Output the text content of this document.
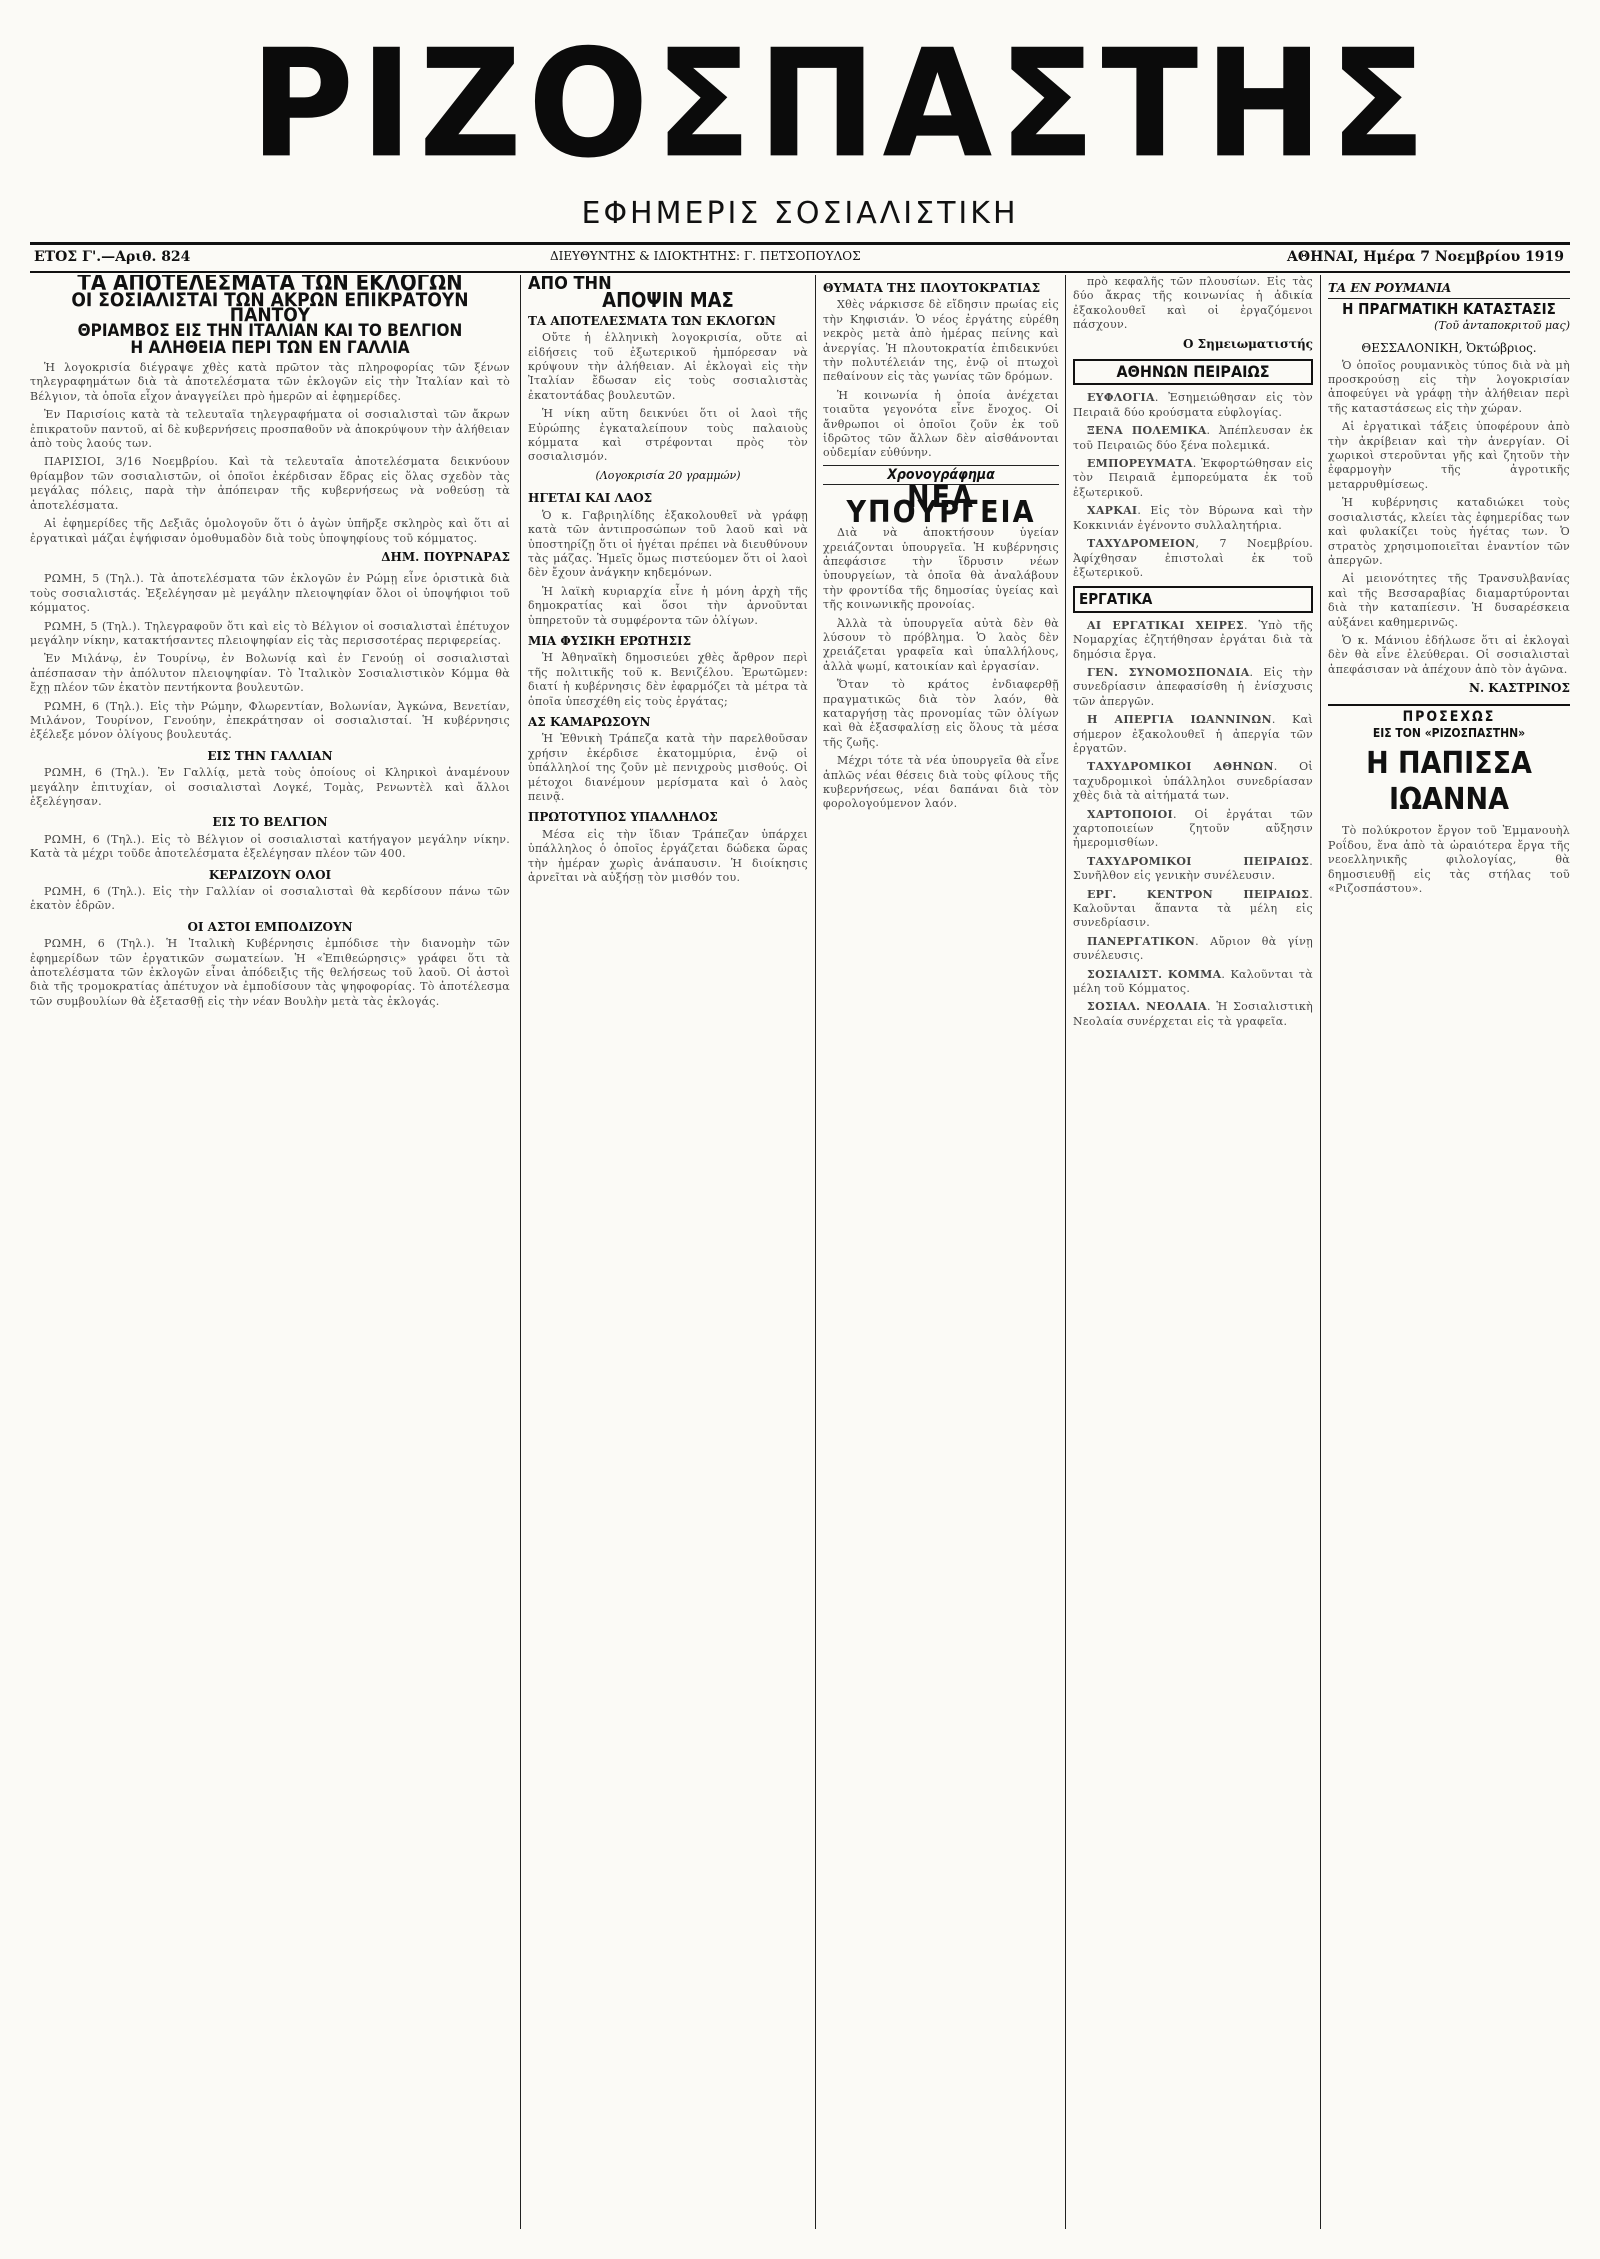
ΡΙΖΟΣΠΑΣΤΗΣ
ΕΦΗΜΕΡΙΣ ΣΟΣΙΑΛΙΣΤΙΚΗ
ΕΤΟΣ Γ'.—Αριθ. 824	ΔΙΕΥΘΥΝΤΗΣ & ΙΔΙΟΚΤΗΤΗΣ: Γ. ΠΕΤΣΟΠΟΥΛΟΣ	ΑΘΗΝΑΙ, Ημέρα 7 Νοεμβρίου 1919
ΤΑ ΑΠΟΤΕΛΕΣΜΑΤΑ ΤΩΝ ΕΚΛΟΓΩΝ
ΟΙ ΣΟΣΙΑΛΙΣΤΑΙ ΤΩΝ ΑΚΡΩΝ ΕΠΙΚΡΑΤΟΥΝ ΠΑΝΤΟΥ
ΘΡΙΑΜΒΟΣ ΕΙΣ ΤΗΝ ΙΤΑΛΙΑΝ ΚΑΙ ΤΟ ΒΕΛΓΙΟΝ
Η ΑΛΗΘΕΙΑ ΠΕΡΙ ΤΩΝ ΕΝ ΓΑΛΛΙΑ

Ἡ λογοκρισία διέγραψε χθὲς κατὰ πρῶτον τὰς πληροφορίας τῶν ξένων τηλεγραφημάτων διὰ τὰ ἀποτελέσματα τῶν ἐκλογῶν εἰς τὴν Ἰταλίαν καὶ τὸ Βέλγιον, τὰ ὁποῖα εἶχον ἀναγγείλει πρὸ ἡμερῶν αἱ ἐφημερίδες.

Ἐν Παρισίοις κατὰ τὰ τελευταῖα τηλεγραφήματα οἱ σοσιαλισταὶ τῶν ἄκρων ἐπικρατοῦν παντοῦ, αἱ δὲ κυβερνήσεις προσπαθοῦν νὰ ἀποκρύψουν τὴν ἀλήθειαν ἀπὸ τοὺς λαούς των.

ΠΑΡΙΣΙΟΙ, 3/16 Νοεμβρίου. Καὶ τὰ τελευταῖα ἀποτελέσματα δεικνύουν θρίαμβον τῶν σοσιαλιστῶν, οἱ ὁποῖοι ἐκέρδισαν ἕδρας εἰς ὅλας σχεδὸν τὰς μεγάλας πόλεις, παρὰ τὴν ἀπόπειραν τῆς κυβερνήσεως νὰ νοθεύσῃ τὰ ἀποτελέσματα.

Αἱ ἐφημερίδες τῆς Δεξιᾶς ὁμολογοῦν ὅτι ὁ ἀγὼν ὑπῆρξε σκληρὸς καὶ ὅτι αἱ ἐργατικαὶ μάζαι ἐψήφισαν ὁμοθυμαδὸν διὰ τοὺς ὑποψηφίους τοῦ κόμματος.

ΔΗΜ. ΠΟΥΡΝΑΡΑΣ

ΡΩΜΗ, 5 (Τηλ.). Τὰ ἀποτελέσματα τῶν ἐκλογῶν ἐν Ρώμῃ εἶνε ὁριστικὰ διὰ τοὺς σοσιαλιστάς. Ἐξελέγησαν μὲ μεγάλην πλειοψηφίαν ὅλοι οἱ ὑποψήφιοι τοῦ κόμματος.

ΡΩΜΗ, 5 (Τηλ.). Τηλεγραφοῦν ὅτι καὶ εἰς τὸ Βέλγιον οἱ σοσιαλισταὶ ἐπέτυχον μεγάλην νίκην, κατακτήσαντες πλειοψηφίαν εἰς τὰς περισσοτέρας περιφερείας.

Ἐν Μιλάνῳ, ἐν Τουρίνῳ, ἐν Βολωνίᾳ καὶ ἐν Γενούῃ οἱ σοσιαλισταὶ ἀπέσπασαν τὴν ἀπόλυτον πλειοψηφίαν. Τὸ Ἰταλικὸν Σοσιαλιστικὸν Κόμμα θὰ ἔχῃ πλέον τῶν ἑκατὸν πεντήκοντα βουλευτῶν.

ΡΩΜΗ, 6 (Τηλ.). Εἰς τὴν Ρώμην, Φλωρεντίαν, Βολωνίαν, Ἀγκώνα, Βενετίαν, Μιλάνον, Τουρίνον, Γενούην, ἐπεκράτησαν οἱ σοσιαλισταί. Ἡ κυβέρνησις ἐξέλεξε μόνον ὀλίγους βουλευτάς.

ΕΙΣ ΤΗΝ ΓΑΛΛΙΑΝ

ΡΩΜΗ, 6 (Τηλ.). Ἐν Γαλλίᾳ, μετὰ τοὺς ὁποίους οἱ Κληρικοὶ ἀναμένουν μεγάλην ἐπιτυχίαν, οἱ σοσιαλισταὶ Λογκέ, Τομὰς, Ρενωντὲλ καὶ ἄλλοι ἐξελέγησαν.

ΕΙΣ ΤΟ ΒΕΛΓΙΟΝ

ΡΩΜΗ, 6 (Τηλ.). Εἰς τὸ Βέλγιον οἱ σοσιαλισταὶ κατήγαγον μεγάλην νίκην. Κατὰ τὰ μέχρι τοῦδε ἀποτελέσματα ἐξελέγησαν πλέον τῶν 400.

ΚΕΡΔΙΖΟΥΝ ΟΛΟΙ

ΡΩΜΗ, 6 (Τηλ.). Εἰς τὴν Γαλλίαν οἱ σοσιαλισταὶ θὰ κερδίσουν πάνω τῶν ἑκατὸν ἑδρῶν.

ΟΙ ΑΣΤΟΙ ΕΜΠΟΔΙΖΟΥΝ

ΡΩΜΗ, 6 (Τηλ.). Ἡ Ἰταλικὴ Κυβέρνησις ἐμπόδισε τὴν διανομὴν τῶν ἐφημερίδων τῶν ἐργατικῶν σωματείων. Ἡ «Ἐπιθεώρησις» γράφει ὅτι τὰ ἀποτελέσματα τῶν ἐκλογῶν εἶναι ἀπόδειξις τῆς θελήσεως τοῦ λαοῦ. Οἱ ἀστοὶ διὰ τῆς τρομοκρατίας ἀπέτυχον νὰ ἐμποδίσουν τὰς ψηφοφορίας. Τὸ ἀποτέλεσμα τῶν συμβουλίων θὰ ἐξετασθῇ εἰς τὴν νέαν Βουλὴν μετὰ τὰς ἐκλογάς.

ΑΠΟ ΤΗΝ
ΑΠΟΨΙΝ ΜΑΣ
ΤΑ ΑΠΟΤΕΛΕΣΜΑΤΑ ΤΩΝ ΕΚΛΟΓΩΝ

Οὔτε ἡ ἑλληνικὴ λογοκρισία, οὔτε αἱ εἰδήσεις τοῦ ἐξωτερικοῦ ἠμπόρεσαν νὰ κρύψουν τὴν ἀλήθειαν. Αἱ ἐκλογαὶ εἰς τὴν Ἰταλίαν ἔδωσαν εἰς τοὺς σοσιαλιστὰς ἐκατοντάδας βουλευτῶν.

Ἡ νίκη αὕτη δεικνύει ὅτι οἱ λαοὶ τῆς Εὐρώπης ἐγκαταλείπουν τοὺς παλαιοὺς κόμματα καὶ στρέφονται πρὸς τὸν σοσιαλισμόν.

(Λογοκρισία 20 γραμμών)
ΗΓΕΤΑΙ ΚΑΙ ΛΑΟΣ

Ὁ κ. Γαβριηλίδης ἐξακολουθεῖ νὰ γράφῃ κατὰ τῶν ἀντιπροσώπων τοῦ λαοῦ καὶ νὰ ὑποστηρίζῃ ὅτι οἱ ἡγέται πρέπει νὰ διευθύνουν τὰς μάζας. Ἡμεῖς ὅμως πιστεύομεν ὅτι οἱ λαοὶ δὲν ἔχουν ἀνάγκην κηδεμόνων.

Ἡ λαϊκὴ κυριαρχία εἶνε ἡ μόνη ἀρχὴ τῆς δημοκρατίας καὶ ὅσοι τὴν ἀρνοῦνται ὑπηρετοῦν τὰ συμφέροντα τῶν ὀλίγων.

ΜΙΑ ΦΥΣΙΚΗ ΕΡΩΤΗΣΙΣ

Ἡ Ἀθηναϊκὴ δημοσιεύει χθὲς ἄρθρον περὶ τῆς πολιτικῆς τοῦ κ. Βενιζέλου. Ἐρωτῶμεν: διατί ἡ κυβέρνησις δὲν ἐφαρμόζει τὰ μέτρα τὰ ὁποῖα ὑπεσχέθη εἰς τοὺς ἐργάτας;

ΑΣ ΚΑΜΑΡΩΣΟΥΝ

Ἡ Ἐθνικὴ Τράπεζα κατὰ τὴν παρελθοῦσαν χρήσιν ἐκέρδισε ἑκατομμύρια, ἐνῷ οἱ ὑπάλληλοί της ζοῦν μὲ πενιχροὺς μισθούς. Οἱ μέτοχοι διανέμουν μερίσματα καὶ ὁ λαὸς πεινᾷ.

ΠΡΩΤΟΤΥΠΟΣ ΥΠΑΛΛΗΛΟΣ

Μέσα εἰς τὴν ἴδιαν Τράπεζαν ὑπάρχει ὑπάλληλος ὁ ὁποῖος ἐργάζεται δώδεκα ὥρας τὴν ἡμέραν χωρὶς ἀνάπαυσιν. Ἡ διοίκησις ἀρνεῖται νὰ αὐξήσῃ τὸν μισθόν του.

ΘΥΜΑΤΑ ΤΗΣ ΠΛΟΥΤΟΚΡΑΤΙΑΣ

Χθὲς νάρκισσε δὲ εἴδησιν πρωίας εἰς τὴν Κηφισιάν. Ὁ νέος ἐργάτης εὑρέθη νεκρὸς μετὰ ἀπὸ ἡμέρας πείνης καὶ ἀνεργίας. Ἡ πλουτοκρατία ἐπιδεικνύει τὴν πολυτέλειάν της, ἐνῷ οἱ πτωχοὶ πεθαίνουν εἰς τὰς γωνίας τῶν δρόμων.

Ἡ κοινωνία ἡ ὁποία ἀνέχεται τοιαῦτα γεγονότα εἶνε ἔνοχος. Οἱ ἄνθρωποι οἱ ὁποῖοι ζοῦν ἐκ τοῦ ἱδρῶτος τῶν ἄλλων δὲν αἰσθάνονται οὐδεμίαν εὐθύνην.

Χρονογράφημα
ΝΕΑ ΥΠΟΥΡΓΕΙΑ

Διὰ νὰ ἀποκτήσουν ὑγείαν χρειάζονται ὑπουργεῖα. Ἡ κυβέρνησις ἀπεφάσισε τὴν ἵδρυσιν νέων ὑπουργείων, τὰ ὁποῖα θὰ ἀναλάβουν τὴν φροντίδα τῆς δημοσίας ὑγείας καὶ τῆς κοινωνικῆς προνοίας.

Ἀλλὰ τὰ ὑπουργεῖα αὐτὰ δὲν θὰ λύσουν τὸ πρόβλημα. Ὁ λαὸς δὲν χρειάζεται γραφεῖα καὶ ὑπαλλήλους, ἀλλὰ ψωμί, κατοικίαν καὶ ἐργασίαν.

Ὅταν τὸ κράτος ἐνδιαφερθῇ πραγματικῶς διὰ τὸν λαόν, θὰ καταργήσῃ τὰς προνομίας τῶν ὀλίγων καὶ θὰ ἐξασφαλίσῃ εἰς ὅλους τὰ μέσα τῆς ζωῆς.

Μέχρι τότε τὰ νέα ὑπουργεῖα θὰ εἶνε ἁπλῶς νέαι θέσεις διὰ τοὺς φίλους τῆς κυβερνήσεως, νέαι δαπάναι διὰ τὸν φορολογούμενον λαόν.

πρὸ κεφαλῆς τῶν πλουσίων. Εἰς τὰς δύο ἄκρας τῆς κοινωνίας ἡ ἀδικία ἐξακολουθεῖ καὶ οἱ ἐργαζόμενοι πάσχουν.

Ο Σημειωματιστής
ΑΘΗΝΩΝ ΠΕΙΡΑΙΩΣ

ΕΥΦΛΟΓΙΑ. Ἐσημειώθησαν εἰς τὸν Πειραιᾶ δύο κρούσματα εὐφλογίας.

ΞΕΝΑ ΠΟΛΕΜΙΚΑ. Ἀπέπλευσαν ἐκ τοῦ Πειραιῶς δύο ξένα πολεμικά.

ΕΜΠΟΡΕΥΜΑΤΑ. Ἐκφορτώθησαν εἰς τὸν Πειραιᾶ ἐμπορεύματα ἐκ τοῦ ἐξωτερικοῦ.

ΧΑΡΚΑΙ. Εἰς τὸν Βύρωνα καὶ τὴν Κοκκινιάν ἐγένοντο συλλαλητήρια.

ΤΑΧΥΔΡΟΜΕΙΟΝ, 7 Νοεμβρίου. Ἀφίχθησαν ἐπιστολαὶ ἐκ τοῦ ἐξωτερικοῦ.

ΕΡΓΑΤΙΚΑ

ΑΙ ΕΡΓΑΤΙΚΑΙ ΧΕΙΡΕΣ. Ὑπὸ τῆς Νομαρχίας ἐζητήθησαν ἐργάται διὰ τὰ δημόσια ἔργα.

ΓΕΝ. ΣΥΝΟΜΟΣΠΟΝΔΙΑ. Εἰς τὴν συνεδρίασιν ἀπεφασίσθη ἡ ἐνίσχυσις τῶν ἀπεργῶν.

Η ΑΠΕΡΓΙΑ ΙΩΑΝΝΙΝΩΝ. Καὶ σήμερον ἐξακολουθεῖ ἡ ἀπεργία τῶν ἐργατῶν.

ΤΑΧΥΔΡΟΜΙΚΟΙ ΑΘΗΝΩΝ. Οἱ ταχυδρομικοὶ ὑπάλληλοι συνεδρίασαν χθὲς διὰ τὰ αἰτήματά των.

ΧΑΡΤΟΠΟΙΟΙ. Οἱ ἐργάται τῶν χαρτοποιείων ζητοῦν αὔξησιν ἡμερομισθίων.

ΤΑΧΥΔΡΟΜΙΚΟΙ ΠΕΙΡΑΙΩΣ. Συνῆλθον εἰς γενικὴν συνέλευσιν.

ΕΡΓ. ΚΕΝΤΡΟΝ ΠΕΙΡΑΙΩΣ. Καλοῦνται ἅπαντα τὰ μέλη εἰς συνεδρίασιν.

ΠΑΝΕΡΓΑΤΙΚΟΝ. Αὔριον θὰ γίνῃ συνέλευσις.

ΣΟΣΙΑΛΙΣΤ. ΚΟΜΜΑ. Καλοῦνται τὰ μέλη τοῦ Κόμματος.

ΣΟΣΙΑΛ. ΝΕΟΛΑΙΑ. Ἡ Σοσιαλιστικὴ Νεολαία συνέρχεται εἰς τὰ γραφεῖα.

ΤΑ ΕΝ ΡΟΥΜΑΝΙΑ
Η ΠΡΑΓΜΑΤΙΚΗ ΚΑΤΑΣΤΑΣΙΣ
(Τοῦ ἀνταποκριτοῦ μας)
ΘΕΣΣΑΛΟΝΙΚΗ, Ὀκτώβριος.

Ὁ ὁποῖος ρουμανικὸς τύπος διὰ νὰ μὴ προσκρούσῃ εἰς τὴν λογοκρισίαν ἀποφεύγει νὰ γράφῃ τὴν ἀλήθειαν περὶ τῆς καταστάσεως εἰς τὴν χώραν.

Αἱ ἐργατικαὶ τάξεις ὑποφέρουν ἀπὸ τὴν ἀκρίβειαν καὶ τὴν ἀνεργίαν. Οἱ χωρικοὶ στεροῦνται γῆς καὶ ζητοῦν τὴν ἐφαρμογὴν τῆς ἀγροτικῆς μεταρρυθμίσεως.

Ἡ κυβέρνησις καταδιώκει τοὺς σοσιαλιστάς, κλείει τὰς ἐφημερίδας των καὶ φυλακίζει τοὺς ἡγέτας των. Ὁ στρατὸς χρησιμοποιεῖται ἐναντίον τῶν ἀπεργῶν.

Αἱ μειονότητες τῆς Τρανσυλβανίας καὶ τῆς Βεσσαραβίας διαμαρτύρονται διὰ τὴν καταπίεσιν. Ἡ δυσαρέσκεια αὐξάνει καθημερινῶς.

Ὁ κ. Μάνιου ἐδήλωσε ὅτι αἱ ἐκλογαὶ δὲν θὰ εἶνε ἐλεύθεραι. Οἱ σοσιαλισταὶ ἀπεφάσισαν νὰ ἀπέχουν ἀπὸ τὸν ἀγῶνα.

Ν. ΚΑΣΤΡΙΝΟΣ
ΠΡΟΣΕΧΩΣ
ΕΙΣ ΤΟΝ «ΡΙΖΟΣΠΑΣΤΗΝ»
Η ΠΑΠΙΣΣΑ ΙΩΑΝΝΑ

Τὸ πολύκροτον ἔργον τοῦ Ἐμμανουὴλ Ροΐδου, ἕνα ἀπὸ τὰ ὡραιότερα ἔργα τῆς νεοελληνικῆς φιλολογίας, θὰ δημοσιευθῇ εἰς τὰς στήλας τοῦ «Ριζοσπάστου».
